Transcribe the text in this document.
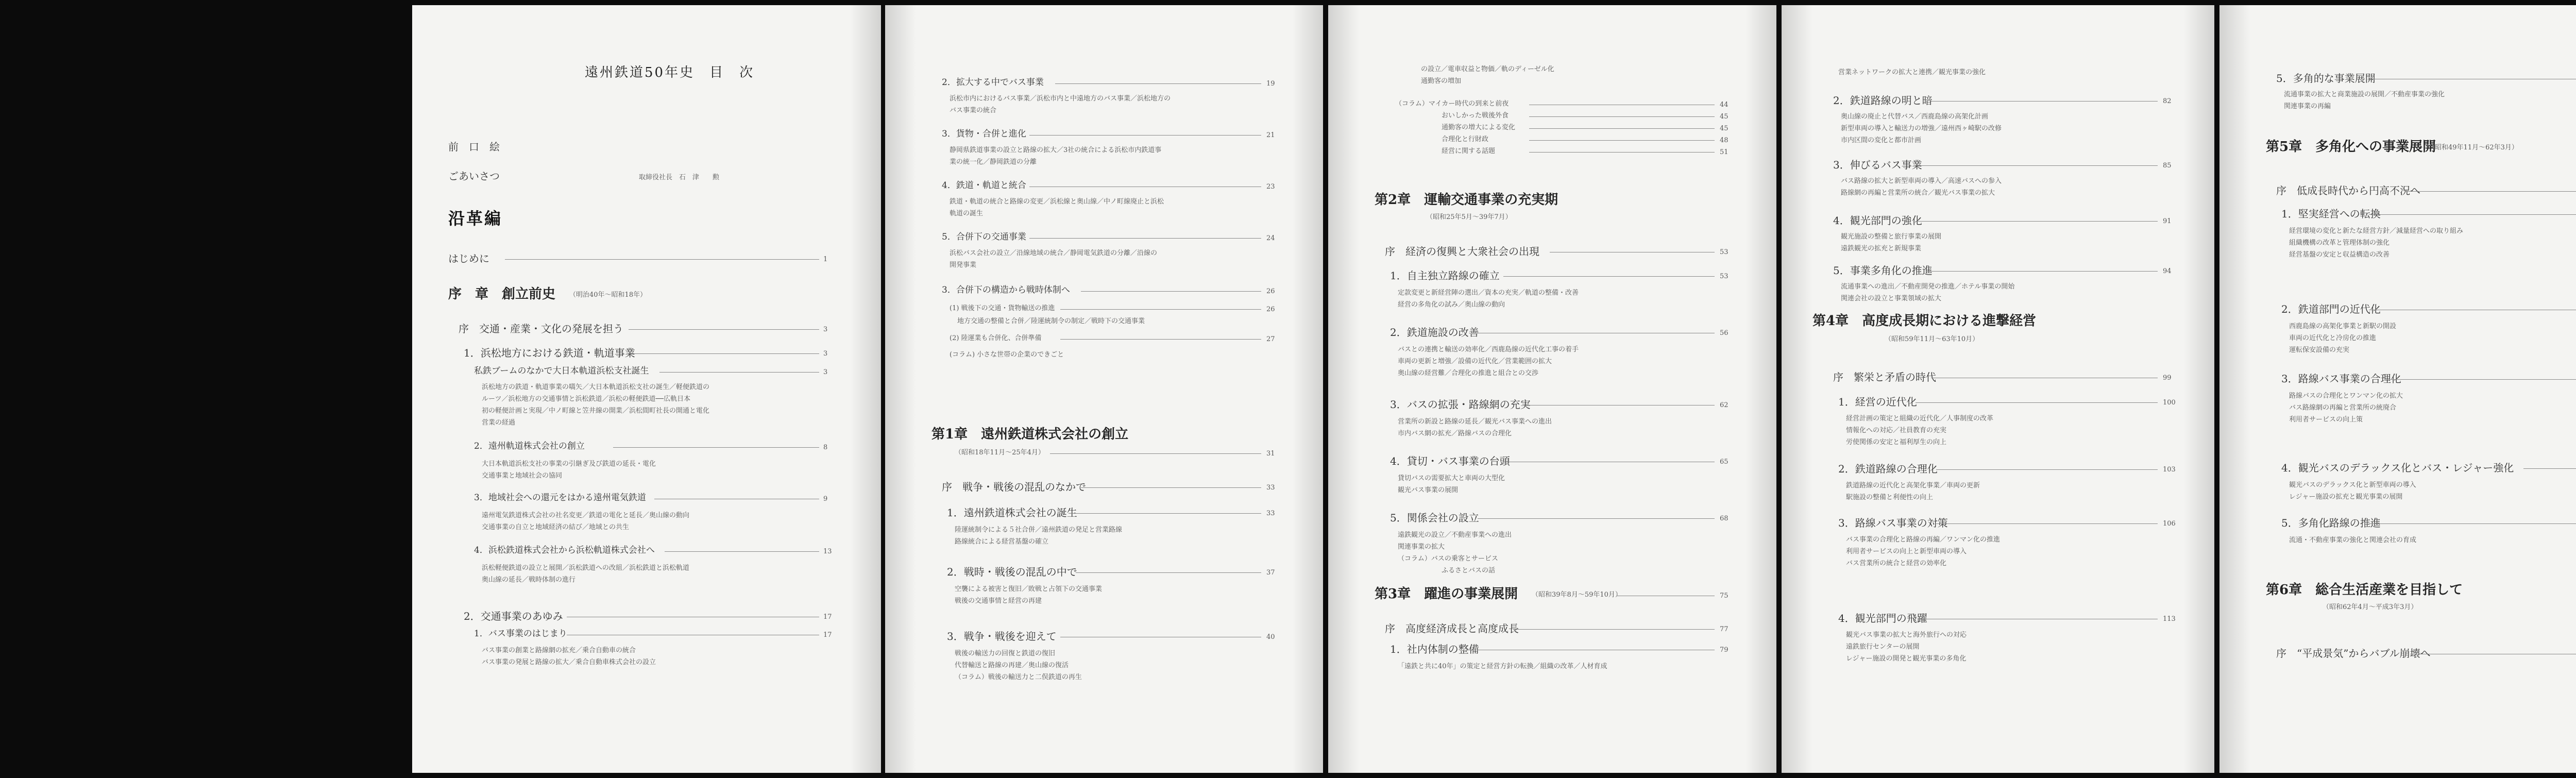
遠州鉄道50年史　目　次
前　口　絵
ごあいさつ	取締役社長　石　津　　勲
沿革編
はじめに	1
序　章　創立前史 （明治40年～昭和18年）
序　交通・産業・文化の発展を担う	3
1．浜松地方における鉄道・軌道事業	3
私鉄ブームのなかで大日本軌道浜松支社誕生	3
浜松地方の鉄道・軌道事業の嚆矢／大日本軌道浜松支社の誕生／軽便鉄道の
ルーツ／浜松地方の交通事情と浜松鉄道／浜松の軽便鉄道──広軌日本
初の軽便計画と実現／中ノ町線と笠井線の開業／浜松間町社長の開通と電化
営業の経過
2．遠州軌道株式会社の創立	8
大日本軌道浜松支社の事業の引継ぎ及び鉄道の延長・電化
交通事業と地域社会の協同
3．地域社会への還元をはかる遠州電気鉄道	9
遠州電気鉄道株式会社の社名変更／鉄道の電化と延長／奥山線の動向
交通事業の自立と地域経済の結び／地域との共生
4．浜松鉄道株式会社から浜松軌道株式会社へ	13
浜松軽便鉄道の設立と展開／浜松鉄道への改組／浜松鉄道と浜松軌道
奥山線の延長／戦時体制の進行
2．交通事業のあゆみ	17
1．バス事業のはじまり	17
バス事業の創業と路線網の拡充／乗合自動車の統合
バス事業の発展と路線の拡大／乗合自動車株式会社の設立
2．拡大する中でバス事業	19
浜松市内におけるバス事業／浜松市内と中遠地方のバス事業／浜松地方の
バス事業の統合
3．貨物・合併と進化	21
静岡県鉄道事業の設立と路線の拡大／3社の統合による浜松市内鉄道事
業の統一化／静岡鉄道の分離
4．鉄道・軌道と統合	23
鉄道・軌道の統合と路線の変更／浜松線と奥山線／中ノ町線廃止と浜松
軌道の誕生
5．合併下の交通事業	24
浜松バス会社の設立／沿線地域の統合／静岡電気鉄道の分離／沿線の
開発事業
3．合併下の構造から戦時体制へ	26
(1) 戦後下の交通・貨物輸送の推進	26
地方交通の整備と合併／陸運統制令の制定／戦時下の交通事業
(2) 陸運業も合併化、合併準備	27
(コラム) 小さな世帯の企業のできごと
第1章　遠州鉄道株式会社の創立
（昭和18年11月～25年4月）	31
序　戦争・戦後の混乱のなかで	33
1．遠州鉄道株式会社の誕生	33
陸運統制令による５社合併／遠州鉄道の発足と営業路線
路線統合による経営基盤の確立
2．戦時・戦後の混乱の中で	37
空襲による被害と復旧／敗戦と占領下の交通事業
戦後の交通事情と経営の再建
3．戦争・戦後を迎えて	40
戦後の輸送力の回復と鉄道の復旧
代替輸送と路線の再建／奥山線の復活
（コラム）戦後の輸送力と二俣鉄道の再生
の設立／電車収益と物価／軌のディーゼル化
通勤客の増加
（コラム）マイカー時代の到来と前夜	44
おいしかった戦後外食	45
通勤客の増大による変化	45
合理化と行財政	48
経営に関する話題	51
第2章　運輸交通事業の充実期
（昭和25年5月～39年7月）
序　経済の復興と大衆社会の出現	53
1．自主独立路線の確立	53
定款変更と新経営陣の選出／資本の充実／軌道の整備・改善
経営の多角化の試み／奥山線の動向
2．鉄道施設の改善	56
バスとの連携と輸送の効率化／西鹿島線の近代化工事の着手
車両の更新と増強／設備の近代化／営業範囲の拡大
奥山線の経営難／合理化の推進と組合との交渉
3．バスの拡張・路線網の充実	62
営業所の新設と路線の延長／観光バス事業への進出
市内バス網の拡充／路線バスの合理化
4．貸切・バス事業の台頭	65
貸切バスの需要拡大と車両の大型化
観光バス事業の展開
5．関係会社の設立	68
遠鉄観光の設立／不動産事業への進出
関連事業の拡大
（コラム）バスの乗客とサービス
ふるさとバスの話
第3章　躍進の事業展開 （昭和39年8月～59年10月）	75
序　高度経済成長と高度成長	77
1．社内体制の整備	79
「遠鉄と共に40年」の策定と経営方針の転換／組織の改革／人材育成
営業ネットワークの拡大と連携／観光事業の強化
2．鉄道路線の明と暗	82
奥山線の廃止と代替バス／西鹿島線の高架化計画
新型車両の導入と輸送力の増強／遠州西ヶ崎駅の改修
市内区間の変化と都市計画
3．伸びるバス事業	85
バス路線の拡大と新型車両の導入／高速バスへの参入
路線網の再編と営業所の統合／観光バス事業の拡大
4．観光部門の強化	91
観光施設の整備と旅行事業の展開
遠鉄観光の拡充と新規事業
5．事業多角化の推進	94
流通事業への進出／不動産開発の推進／ホテル事業の開始
関連会社の設立と事業領域の拡大
第4章　高度成長期における進撃経営
（昭和59年11月～63年10月）
序　繁栄と矛盾の時代	99
1．経営の近代化	100
経営計画の策定と組織の近代化／人事制度の改革
情報化への対応／社員教育の充実
労使関係の安定と福利厚生の向上
2．鉄道路線の合理化	103
鉄道路線の近代化と高架化事業／車両の更新
駅施設の整備と利便性の向上
3．路線バス事業の対策	106
バス事業の合理化と路線の再編／ワンマン化の推進
利用者サービスの向上と新型車両の導入
バス営業所の統合と経営の効率化
4．観光部門の飛躍	113
観光バス事業の拡大と海外旅行への対応
遠鉄旅行センターの展開
レジャー施設の開発と観光事業の多角化
5．多角的な事業展開
流通事業の拡大と商業施設の展開／不動産事業の強化
関連事業の再編
第5章　多角化への事業展開
（昭和49年11月～62年3月）
序　低成長時代から円高不況へ
1．堅実経営への転換
経営環境の変化と新たな経営方針／減量経営への取り組み
組織機構の改革と管理体制の強化
経営基盤の安定と収益構造の改善
2．鉄道部門の近代化
西鹿島線の高架化事業と新駅の開設
車両の近代化と冷房化の推進
運転保安設備の充実
3．路線バス事業の合理化
路線バスの合理化とワンマン化の拡大
バス路線網の再編と営業所の統廃合
利用者サービスの向上策
4．観光バスのデラックス化とバス・レジャー強化
観光バスのデラックス化と新型車両の導入
レジャー施設の拡充と観光事業の展開
5．多角化路線の推進
流通・不動産事業の強化と関連会社の育成
第6章　総合生活産業を目指して
（昭和62年4月～平成3年3月）
序　“平成景気”からバブル崩壊へ
